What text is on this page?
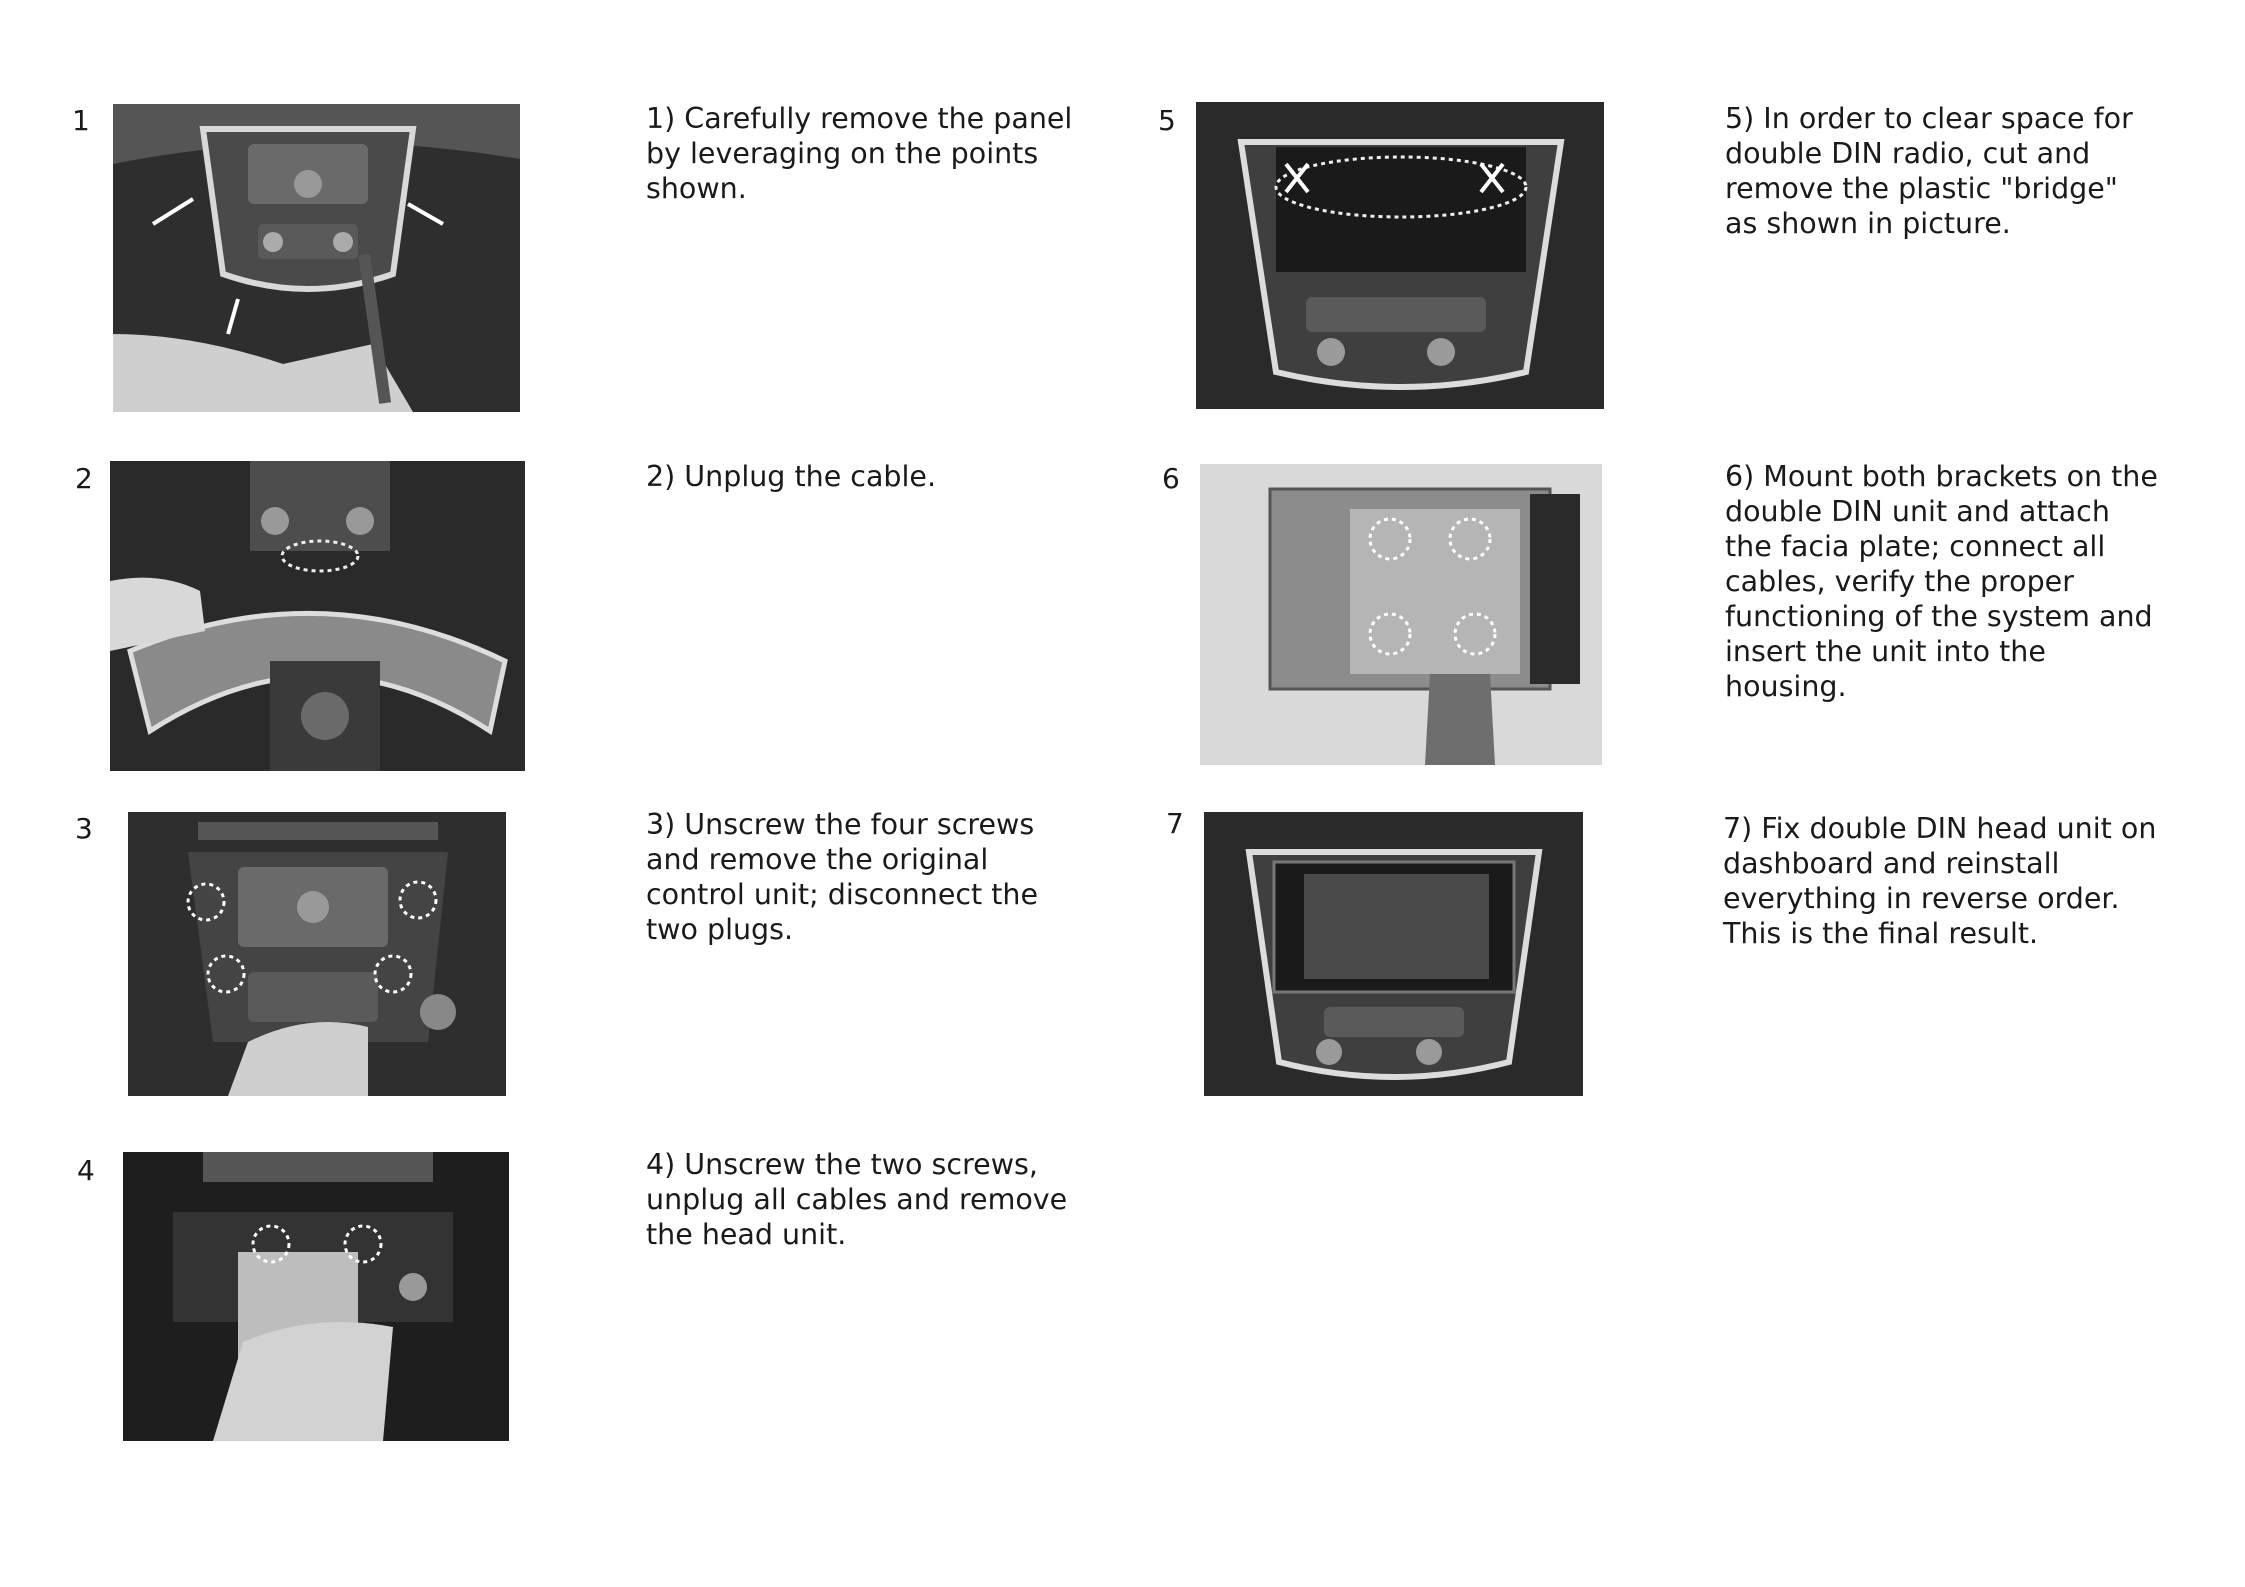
1	1) Carefully remove the panel
by leveraging on the points
shown.
2	2) Unplug the cable.
3	3) Unscrew the four screws
and remove the original
control unit; disconnect the
two plugs.
4	4) Unscrew the two screws,
unplug all cables and remove
the head unit.
5	5) In order to clear space for
double DIN radio, cut and
remove the plastic "bridge"
as shown in picture.
6	6) Mount both brackets on the
double DIN unit and attach
the facia plate; connect all
cables, verify the proper
functioning of the system and
insert the unit into the
housing.
7	7) Fix double DIN head unit on
dashboard and reinstall
everything in reverse order.
This is the final result.
